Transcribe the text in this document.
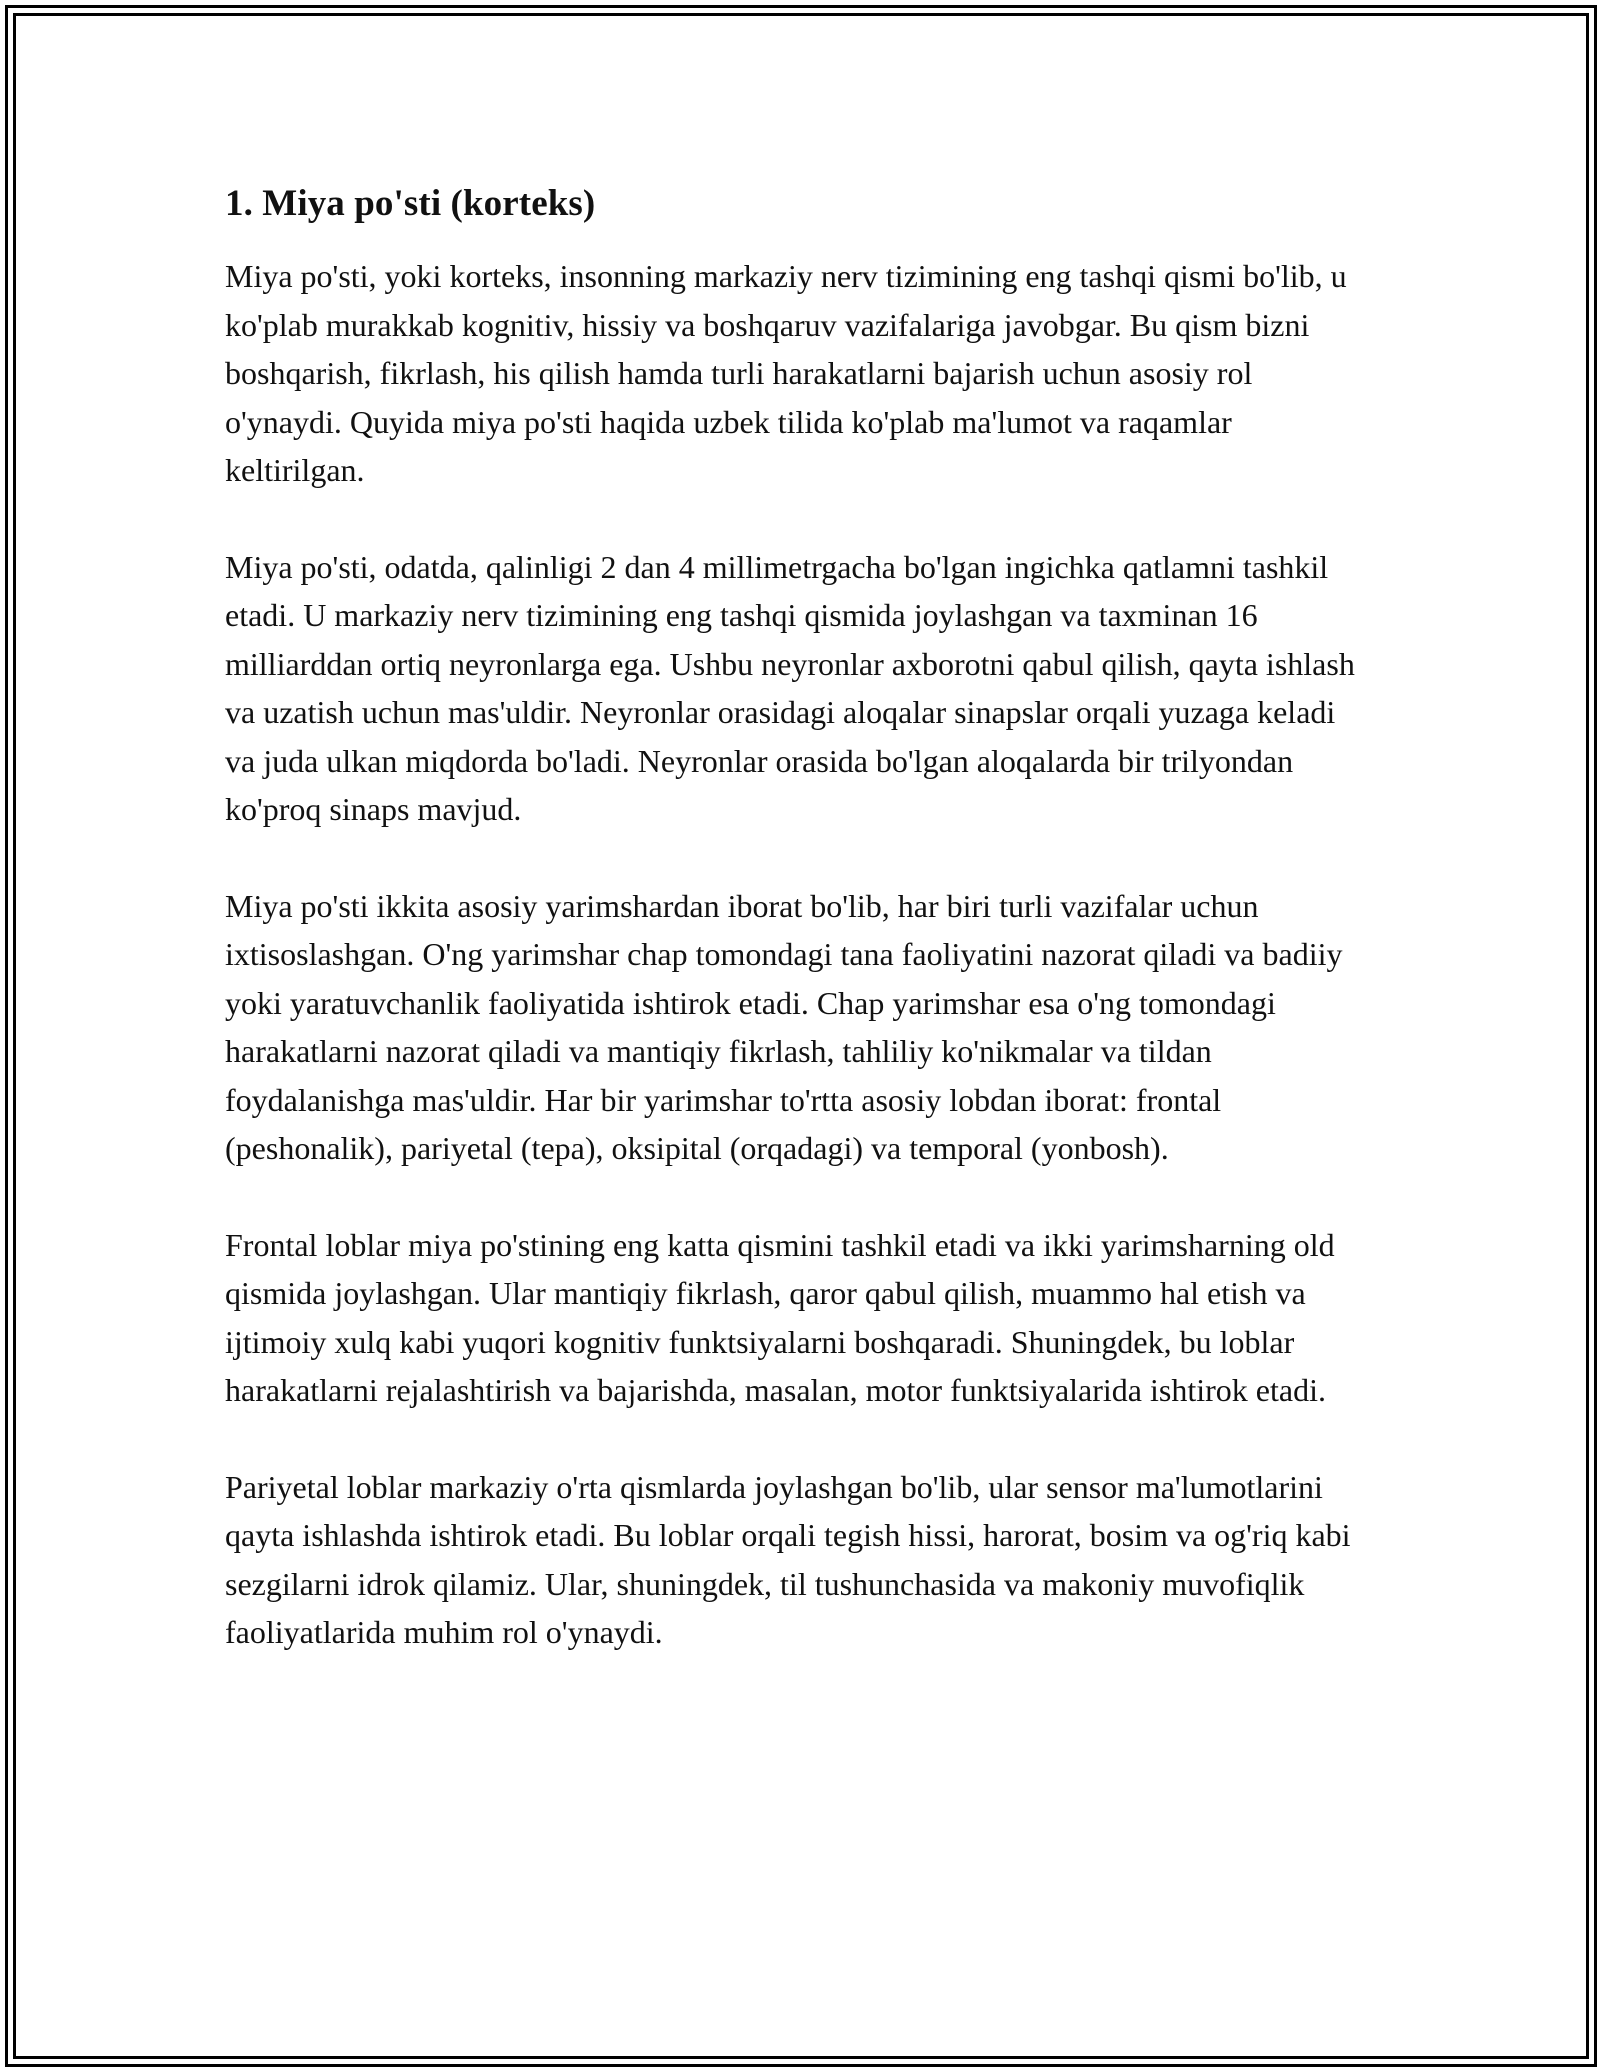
1. Miya po'sti (korteks)

Miya po'sti, yoki korteks, insonning markaziy nerv tizimining eng tashqi qismi bo'lib, u ko'plab murakkab kognitiv, hissiy va boshqaruv vazifalariga javobgar. Bu qism bizni boshqarish, fikrlash, his qilish hamda turli harakatlarni bajarish uchun asosiy rol o'ynaydi. Quyida miya po'sti haqida uzbek tilida ko'plab ma'lumot va raqamlar keltirilgan.

Miya po'sti, odatda, qalinligi 2 dan 4 millimetrgacha bo'lgan ingichka qatlamni tashkil etadi. U markaziy nerv tizimining eng tashqi qismida joylashgan va taxminan 16 milliarddan ortiq neyronlarga ega. Ushbu neyronlar axborotni qabul qilish, qayta ishlash va uzatish uchun mas'uldir. Neyronlar orasidagi aloqalar sinapslar orqali yuzaga keladi va juda ulkan miqdorda bo'ladi. Neyronlar orasida bo'lgan aloqalarda bir trilyondan ko'proq sinaps mavjud.

Miya po'sti ikkita asosiy yarimshardan iborat bo'lib, har biri turli vazifalar uchun ixtisoslashgan. O'ng yarimshar chap tomondagi tana faoliyatini nazorat qiladi va badiiy yoki yaratuvchanlik faoliyatida ishtirok etadi. Chap yarimshar esa o'ng tomondagi harakatlarni nazorat qiladi va mantiqiy fikrlash, tahliliy ko'nikmalar va tildan foydalanishga mas'uldir. Har bir yarimshar to'rtta asosiy lobdan iborat: frontal (peshonalik), pariyetal (tepa), oksipital (orqadagi) va temporal (yonbosh).

Frontal loblar miya po'stining eng katta qismini tashkil etadi va ikki yarimsharning old qismida joylashgan. Ular mantiqiy fikrlash, qaror qabul qilish, muammo hal etish va ijtimoiy xulq kabi yuqori kognitiv funktsiyalarni boshqaradi. Shuningdek, bu loblar harakatlarni rejalashtirish va bajarishda, masalan, motor funktsiyalarida ishtirok etadi.

Pariyetal loblar markaziy o'rta qismlarda joylashgan bo'lib, ular sensor ma'lumotlarini qayta ishlashda ishtirok etadi. Bu loblar orqali tegish hissi, harorat, bosim va og'riq kabi sezgilarni idrok qilamiz. Ular, shuningdek, til tushunchasida va makoniy muvofiqlik faoliyatlarida muhim rol o'ynaydi.
